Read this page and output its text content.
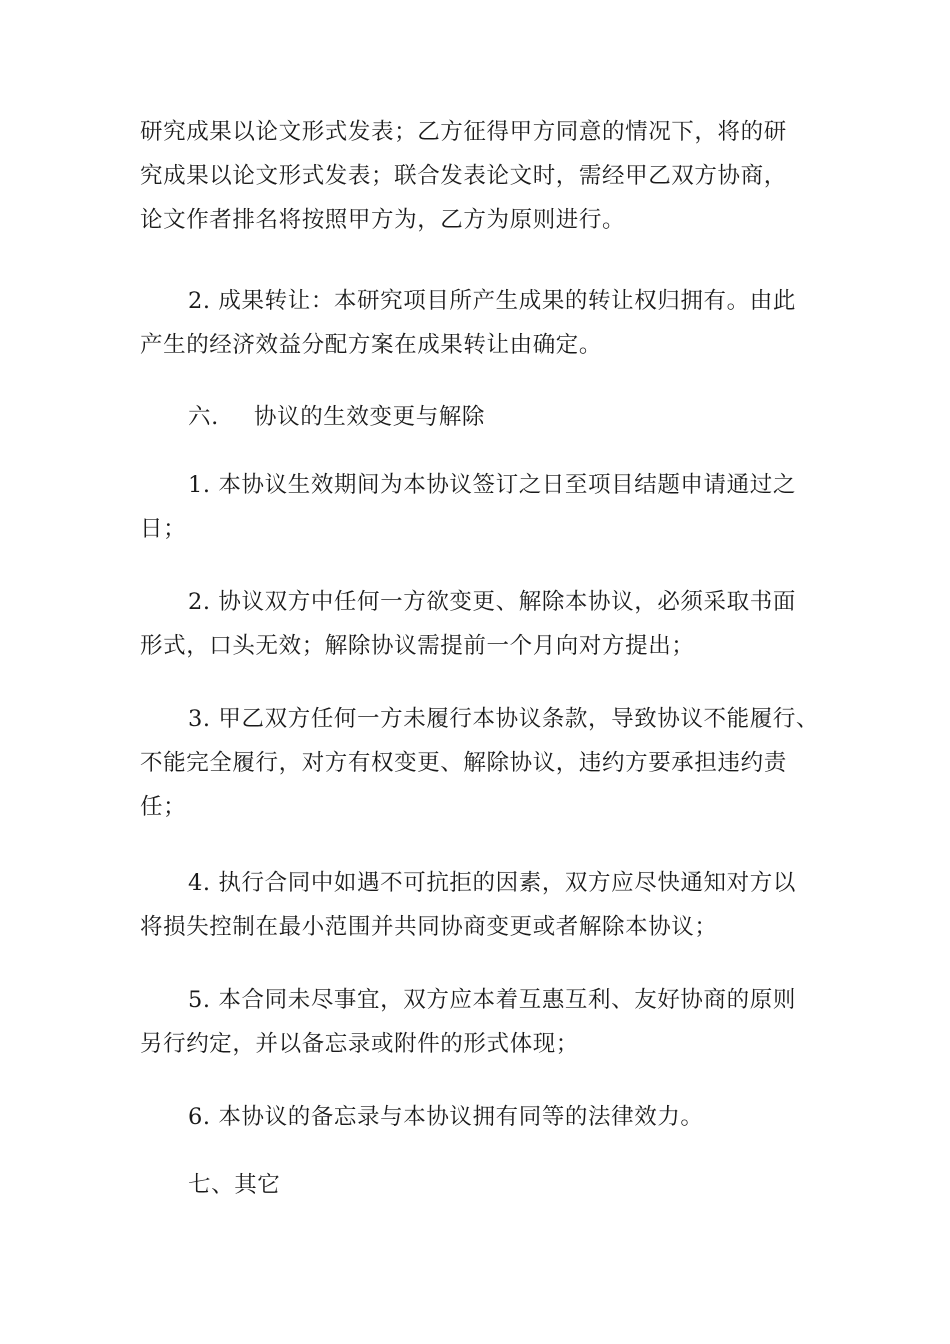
研究成果以论文形式发表；乙方征得甲方同意的情况下，将的研
究成果以论文形式发表；联合发表论文时，需经甲乙双方协商，
论文作者排名将按照甲方为，乙方为原则进行。
2. 成果转让：本研究项目所产生成果的转让权归拥有。由此
产生的经济效益分配方案在成果转让由确定。
六. 协议的生效变更与解除
1. 本协议生效期间为本协议签订之日至项目结题申请通过之
日；
2. 协议双方中任何一方欲变更、解除本协议，必须采取书面
形式，口头无效；解除协议需提前一个月向对方提出；
3. 甲乙双方任何一方未履行本协议条款，导致协议不能履行、
不能完全履行，对方有权变更、解除协议，违约方要承担违约责
任；
4. 执行合同中如遇不可抗拒的因素，双方应尽快通知对方以
将损失控制在最小范围并共同协商变更或者解除本协议；
5. 本合同未尽事宜，双方应本着互惠互利、友好协商的原则
另行约定，并以备忘录或附件的形式体现；
6. 本协议的备忘录与本协议拥有同等的法律效力。
七、其它
